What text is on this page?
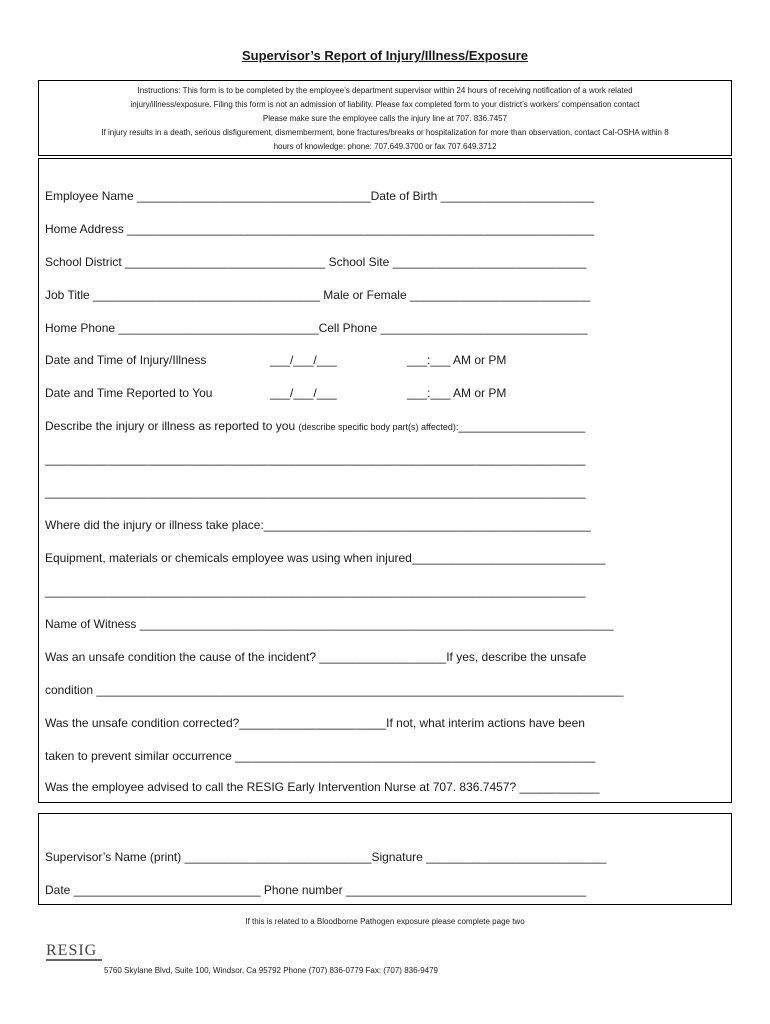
Supervisor’s Report of Injury/Illness/Exposure
Instructions: This form is to be completed by the employee’s department supervisor within 24 hours of receiving notification of a work related
injury/illness/exposure. Filing this form is not an admission of liability. Please fax completed form to your district’s workers’ compensation contact
Please make sure the employee calls the injury line at 707. 836.7457
If injury results in a death, serious disfigurement, dismemberment, bone fractures/breaks or hospitalization for more than observation, contact Cal-OSHA within 8
hours of knowledge: phone: 707.649.3700 or fax 707.649.3712
Employee Name ___________________________________Date of Birth _______________________
Home Address ______________________________________________________________________
School District ______________________________ School Site _____________________________
Job Title __________________________________ Male or Female ___________________________
Home Phone ______________________________Cell Phone _______________________________
Date and Time of Injury/Illness	___/___/___	___:___ AM or PM
Date and Time Reported to You	___/___/___	___:___ AM or PM
Describe the injury or illness as reported to you (describe specific body part(s) affected):___________________
_________________________________________________________________________________
_________________________________________________________________________________
Where did the injury or illness take place:_________________________________________________
Equipment, materials or chemicals employee was using when injured_____________________________
_________________________________________________________________________________
Name of Witness _______________________________________________________________________
Was an unsafe condition the cause of the incident? ___________________If yes, describe the unsafe
condition _______________________________________________________________________________
Was the unsafe condition corrected?______________________If not, what interim actions have been
taken to prevent similar occurrence ______________________________________________________
Was the employee advised to call the RESIG Early Intervention Nurse at 707. 836.7457? ____________
Supervisor’s Name (print) ____________________________Signature ___________________________
Date ____________________________ Phone number ____________________________________
If this is related to a Bloodborne Pathogen exposure please complete page two
RESIG
5760 Skylane Blvd, Suite 100, Windsor, Ca 95792 Phone (707) 836-0779 Fax: (707) 836-9479
